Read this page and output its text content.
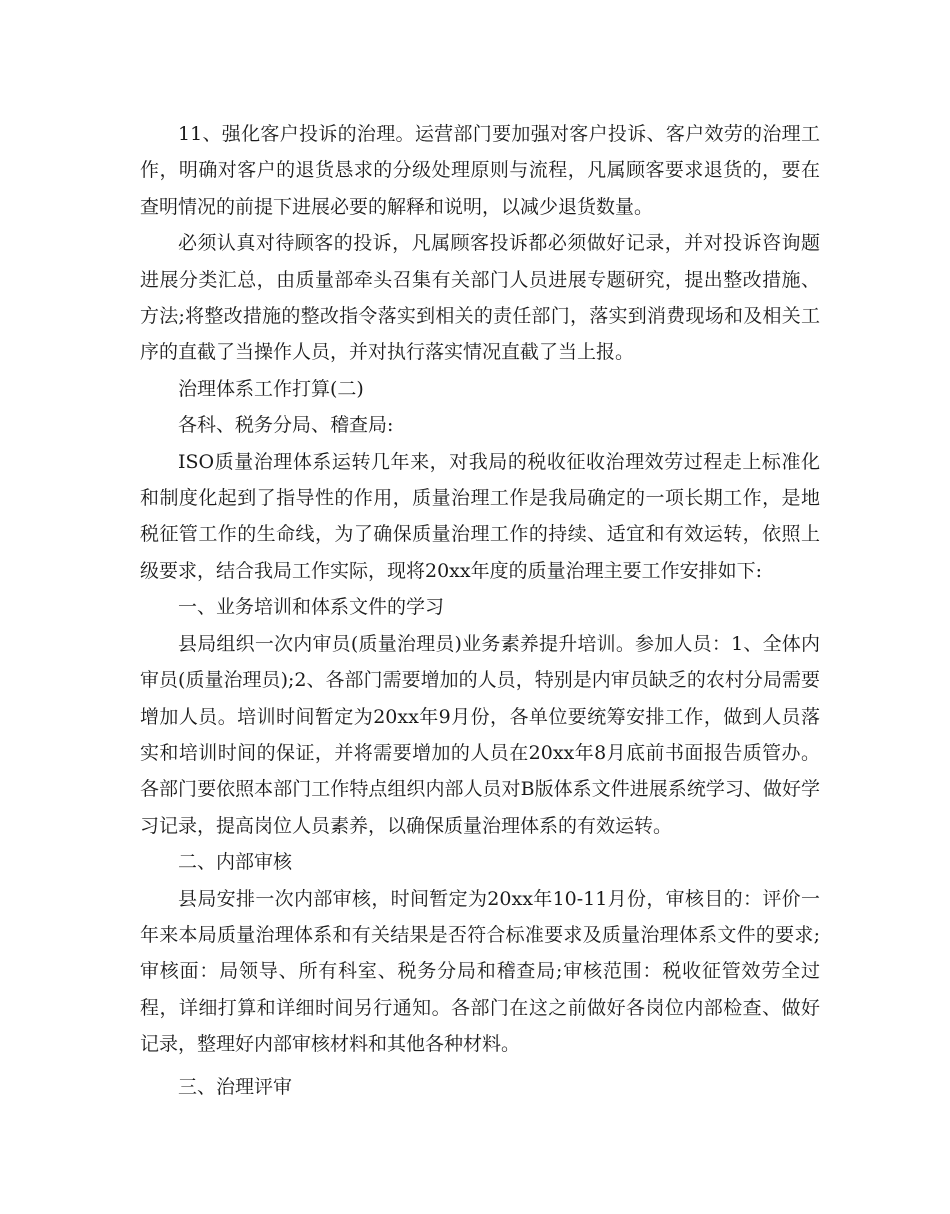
11、强化客户投诉的治理。运营部门要加强对客户投诉、客户效劳的治理工作，明确对客户的退货恳求的分级处理原则与流程，凡属顾客要求退货的，要在查明情况的前提下进展必要的解释和说明，以减少退货数量。

必须认真对待顾客的投诉，凡属顾客投诉都必须做好记录，并对投诉咨询题进展分类汇总，由质量部牵头召集有关部门人员进展专题研究，提出整改措施、方法;将整改措施的整改指令落实到相关的责任部门，落实到消费现场和及相关工序的直截了当操作人员，并对执行落实情况直截了当上报。

治理体系工作打算(二)

各科、税务分局、稽查局:

ISO质量治理体系运转几年来，对我局的税收征收治理效劳过程走上标准化和制度化起到了指导性的作用，质量治理工作是我局确定的一项长期工作，是地税征管工作的生命线，为了确保质量治理工作的持续、适宜和有效运转，依照上级要求，结合我局工作实际，现将20xx年度的质量治理主要工作安排如下:

一、业务培训和体系文件的学习

县局组织一次内审员(质量治理员)业务素养提升培训。参加人员：1、全体内审员(质量治理员);2、各部门需要增加的人员，特别是内审员缺乏的农村分局需要增加人员。培训时间暂定为20xx年9月份，各单位要统筹安排工作，做到人员落实和培训时间的保证，并将需要增加的人员在20xx年8月底前书面报告质管办。各部门要依照本部门工作特点组织内部人员对B版体系文件进展系统学习、做好学习记录，提高岗位人员素养，以确保质量治理体系的有效运转。

二、内部审核

县局安排一次内部审核，时间暂定为20xx年10-11月份，审核目的：评价一年来本局质量治理体系和有关结果是否符合标准要求及质量治理体系文件的要求;审核面：局领导、所有科室、税务分局和稽查局;审核范围：税收征管效劳全过程，详细打算和详细时间另行通知。各部门在这之前做好各岗位内部检查、做好记录，整理好内部审核材料和其他各种材料。

三、治理评审
